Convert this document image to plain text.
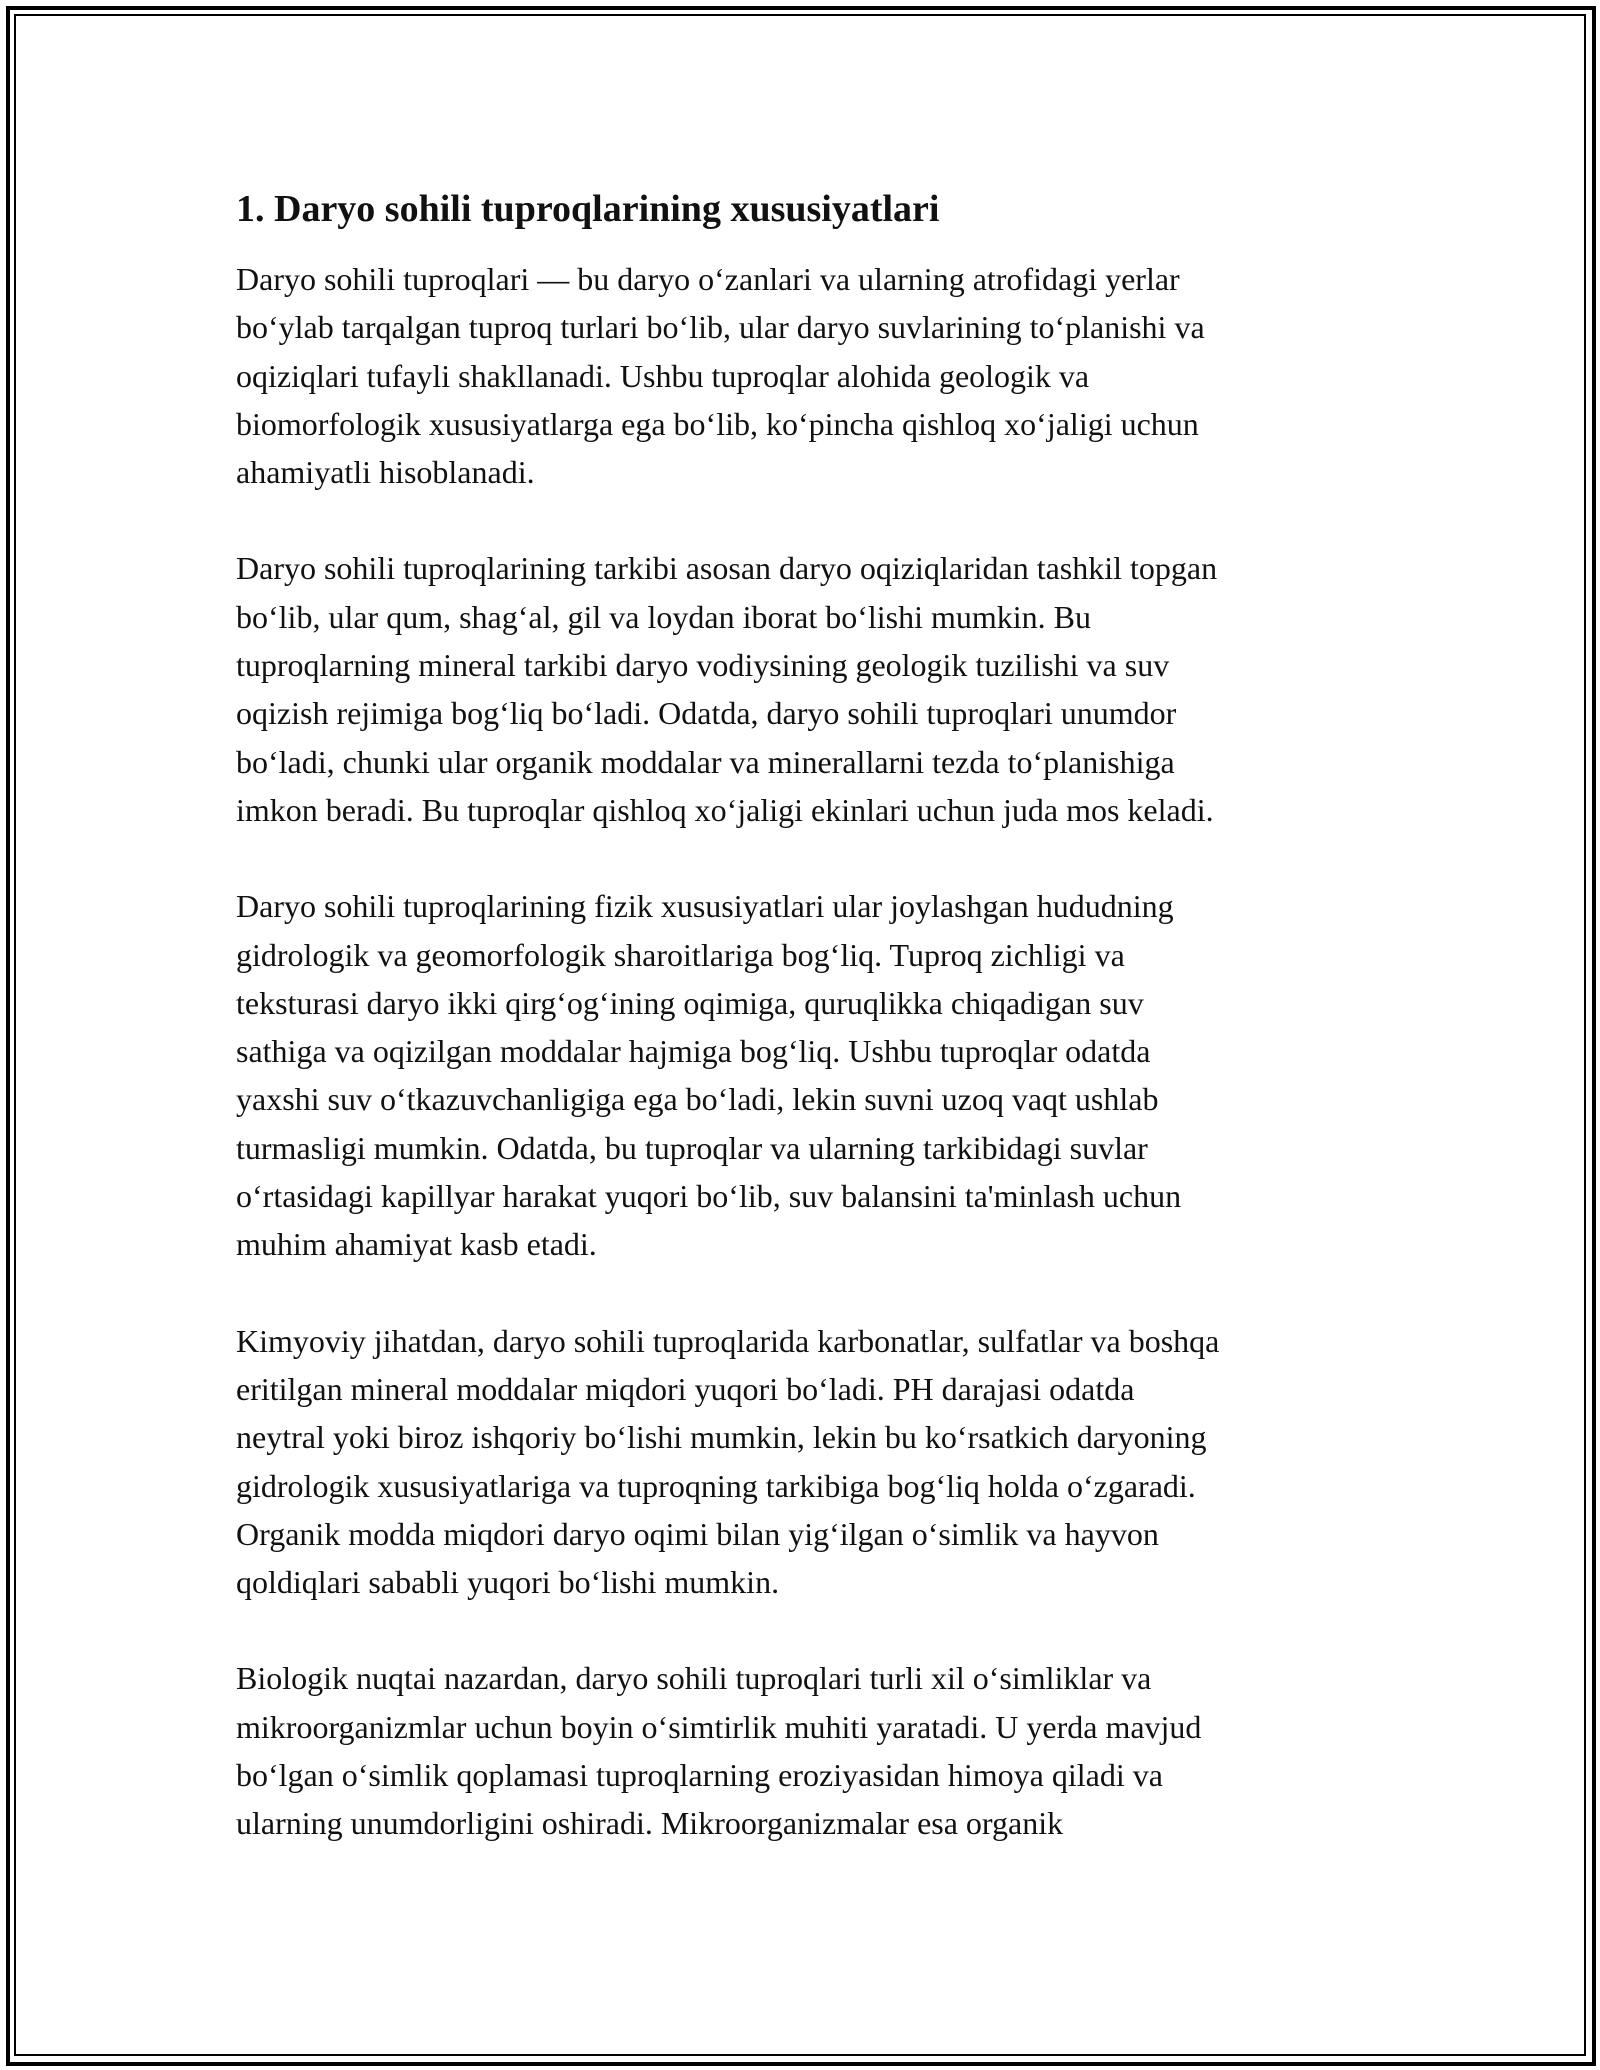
1. Daryo sohili tuproqlarining xususiyatlari

Daryo sohili tuproqlari — bu daryo o‘zanlari va ularning atrofidagi yerlar
bo‘ylab tarqalgan tuproq turlari bo‘lib, ular daryo suvlarining to‘planishi va
oqiziqlari tufayli shakllanadi. Ushbu tuproqlar alohida geologik va
biomorfologik xususiyatlarga ega bo‘lib, ko‘pincha qishloq xo‘jaligi uchun
ahamiyatli hisoblanadi.

Daryo sohili tuproqlarining tarkibi asosan daryo oqiziqlaridan tashkil topgan
bo‘lib, ular qum, shag‘al, gil va loydan iborat bo‘lishi mumkin. Bu
tuproqlarning mineral tarkibi daryo vodiysining geologik tuzilishi va suv
oqizish rejimiga bog‘liq bo‘ladi. Odatda, daryo sohili tuproqlari unumdor
bo‘ladi, chunki ular organik moddalar va minerallarni tezda to‘planishiga
imkon beradi. Bu tuproqlar qishloq xo‘jaligi ekinlari uchun juda mos keladi.

Daryo sohili tuproqlarining fizik xususiyatlari ular joylashgan hududning
gidrologik va geomorfologik sharoitlariga bog‘liq. Tuproq zichligi va
teksturasi daryo ikki qirg‘og‘ining oqimiga, quruqlikka chiqadigan suv
sathiga va oqizilgan moddalar hajmiga bog‘liq. Ushbu tuproqlar odatda
yaxshi suv o‘tkazuvchanligiga ega bo‘ladi, lekin suvni uzoq vaqt ushlab
turmasligi mumkin. Odatda, bu tuproqlar va ularning tarkibidagi suvlar
o‘rtasidagi kapillyar harakat yuqori bo‘lib, suv balansini ta'minlash uchun
muhim ahamiyat kasb etadi.

Kimyoviy jihatdan, daryo sohili tuproqlarida karbonatlar, sulfatlar va boshqa
eritilgan mineral moddalar miqdori yuqori bo‘ladi. PH darajasi odatda
neytral yoki biroz ishqoriy bo‘lishi mumkin, lekin bu ko‘rsatkich daryoning
gidrologik xususiyatlariga va tuproqning tarkibiga bog‘liq holda o‘zgaradi.
Organik modda miqdori daryo oqimi bilan yig‘ilgan o‘simlik va hayvon
qoldiqlari sababli yuqori bo‘lishi mumkin.

Biologik nuqtai nazardan, daryo sohili tuproqlari turli xil o‘simliklar va
mikroorganizmlar uchun boyin o‘simtirlik muhiti yaratadi. U yerda mavjud
bo‘lgan o‘simlik qoplamasi tuproqlarning eroziyasidan himoya qiladi va
ularning unumdorligini oshiradi. Mikroorganizmalar esa organik
